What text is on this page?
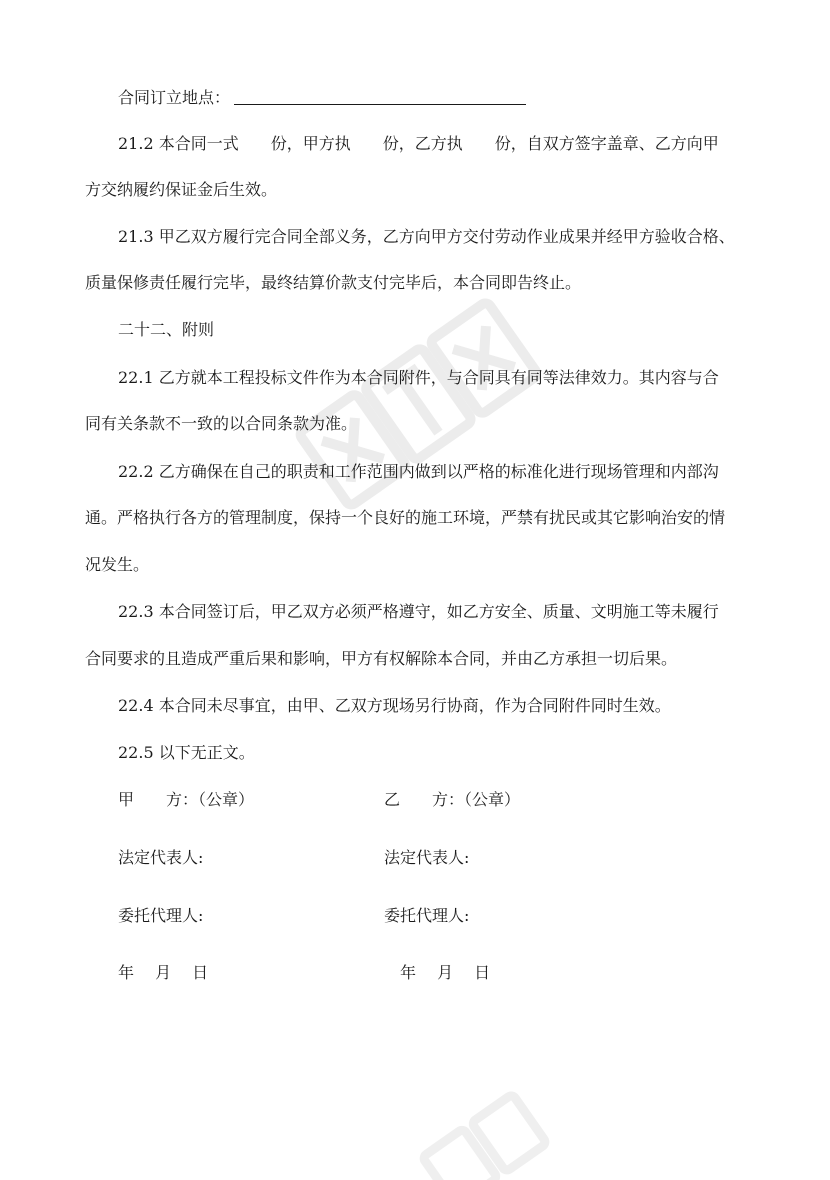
合同订立地点：
21.2 本合同一式 份，甲方执 份，乙方执 份，自双方签字盖章、乙方向甲
方交纳履约保证金后生效。
21.3 甲乙双方履行完合同全部义务，乙方向甲方交付劳动作业成果并经甲方验收合格、
质量保修责任履行完毕，最终结算价款支付完毕后，本合同即告终止。
二十二、附则
22.1 乙方就本工程投标文件作为本合同附件，与合同具有同等法律效力。其内容与合
同有关条款不一致的以合同条款为准。
22.2 乙方确保在自己的职责和工作范围内做到以严格的标准化进行现场管理和内部沟
通。严格执行各方的管理制度，保持一个良好的施工环境，严禁有扰民或其它影响治安的情
况发生。
22.3 本合同签订后，甲乙双方必须严格遵守，如乙方安全、质量、文明施工等未履行
合同要求的且造成严重后果和影响，甲方有权解除本合同，并由乙方承担一切后果。
22.4 本合同未尽事宜，由甲、乙双方现场另行协商，作为合同附件同时生效。
22.5 以下无正文。
甲　　方：（公章）
法定代表人:
委托代理人:
年　 月　 日
乙　　方：（公章）
法定代表人:
委托代理人:
年　 月　 日
